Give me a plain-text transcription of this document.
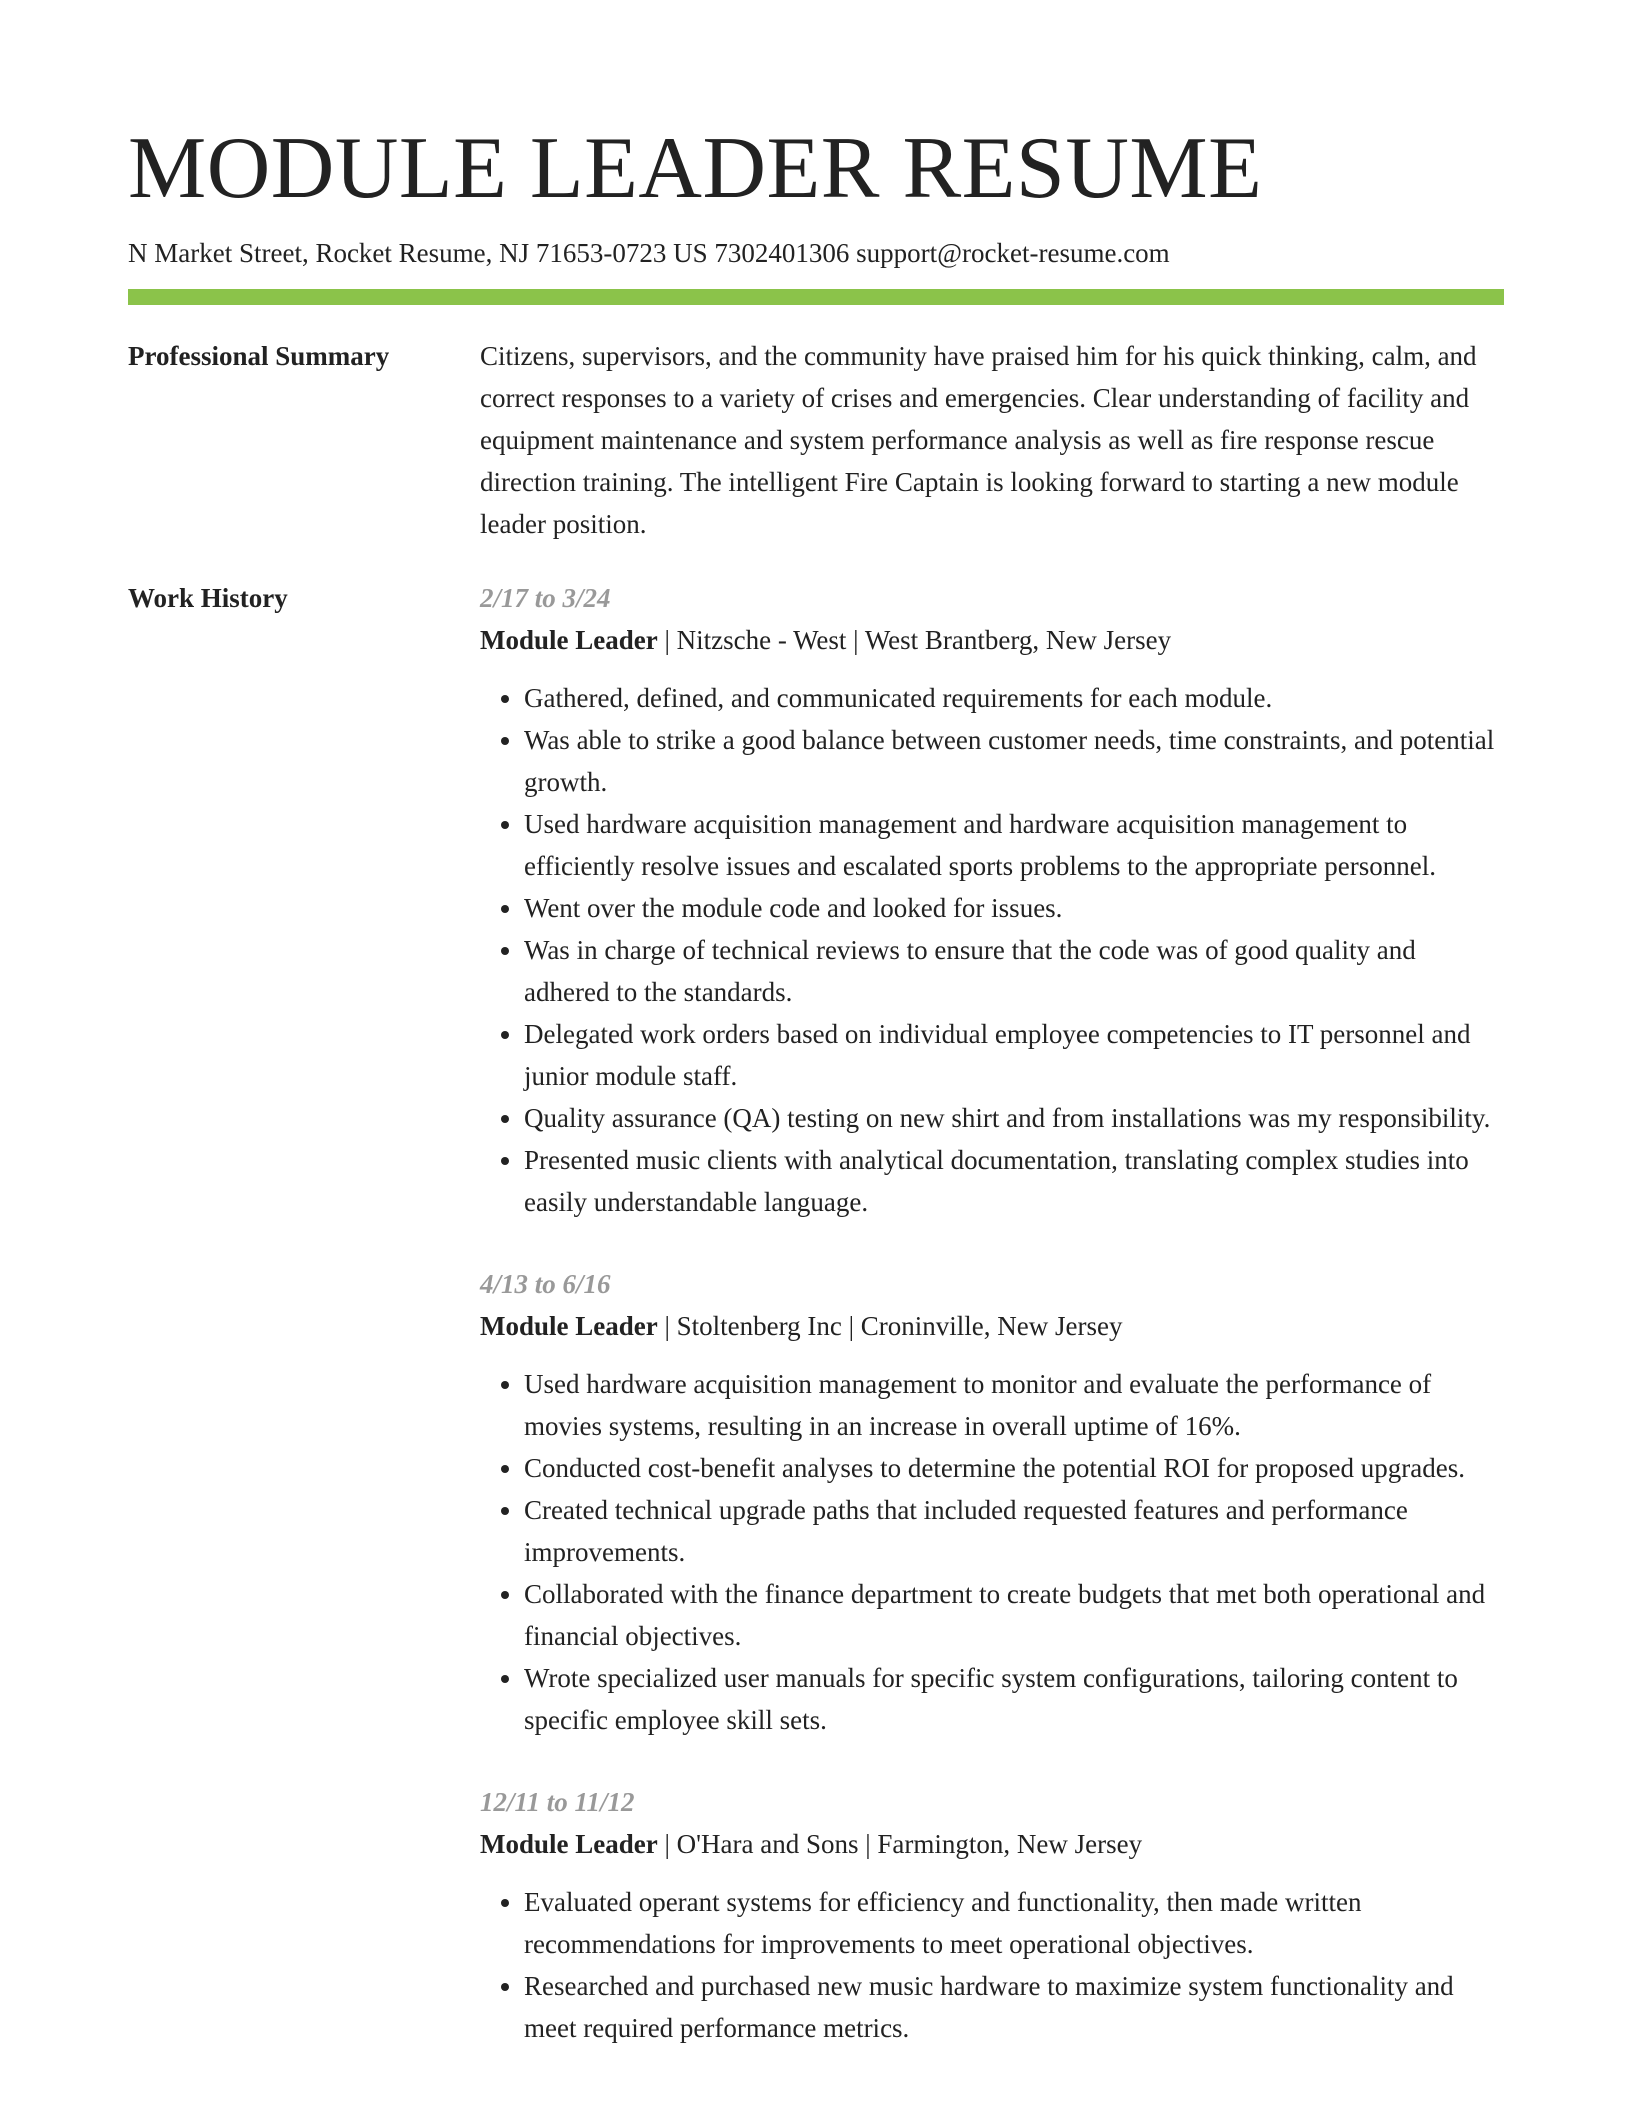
MODULE LEADER RESUME
N Market Street, Rocket Resume, NJ 71653-0723 US 7302401306 support@rocket-resume.com
Professional Summary	Citizens, supervisors, and the community have praised him for his quick thinking, calm, and correct responses to a variety of crises and emergencies. Clear understanding of facility and equipment maintenance and system performance analysis as well as fire response rescue direction training. The intelligent Fire Captain is looking forward to starting a new module leader position.

Work History	2/17 to 3/24
Module Leader | Nitzsche - West | West Brantberg, New Jersey
• Gathered, defined, and communicated requirements for each module.
• Was able to strike a good balance between customer needs, time constraints, and potential growth.
• Used hardware acquisition management and hardware acquisition management to efficiently resolve issues and escalated sports problems to the appropriate personnel.
• Went over the module code and looked for issues.
• Was in charge of technical reviews to ensure that the code was of good quality and adhered to the standards.
• Delegated work orders based on individual employee competencies to IT personnel and junior module staff.
• Quality assurance (QA) testing on new shirt and from installations was my responsibility.
• Presented music clients with analytical documentation, translating complex studies into easily understandable language.
4/13 to 6/16
Module Leader | Stoltenberg Inc | Croninville, New Jersey
• Used hardware acquisition management to monitor and evaluate the performance of movies systems, resulting in an increase in overall uptime of 16%.
• Conducted cost-benefit analyses to determine the potential ROI for proposed upgrades.
• Created technical upgrade paths that included requested features and performance improvements.
• Collaborated with the finance department to create budgets that met both operational and financial objectives.
• Wrote specialized user manuals for specific system configurations, tailoring content to specific employee skill sets.
12/11 to 11/12
Module Leader | O'Hara and Sons | Farmington, New Jersey
• Evaluated operant systems for efficiency and functionality, then made written recommendations for improvements to meet operational objectives.
• Researched and purchased new music hardware to maximize system functionality and meet required performance metrics.
